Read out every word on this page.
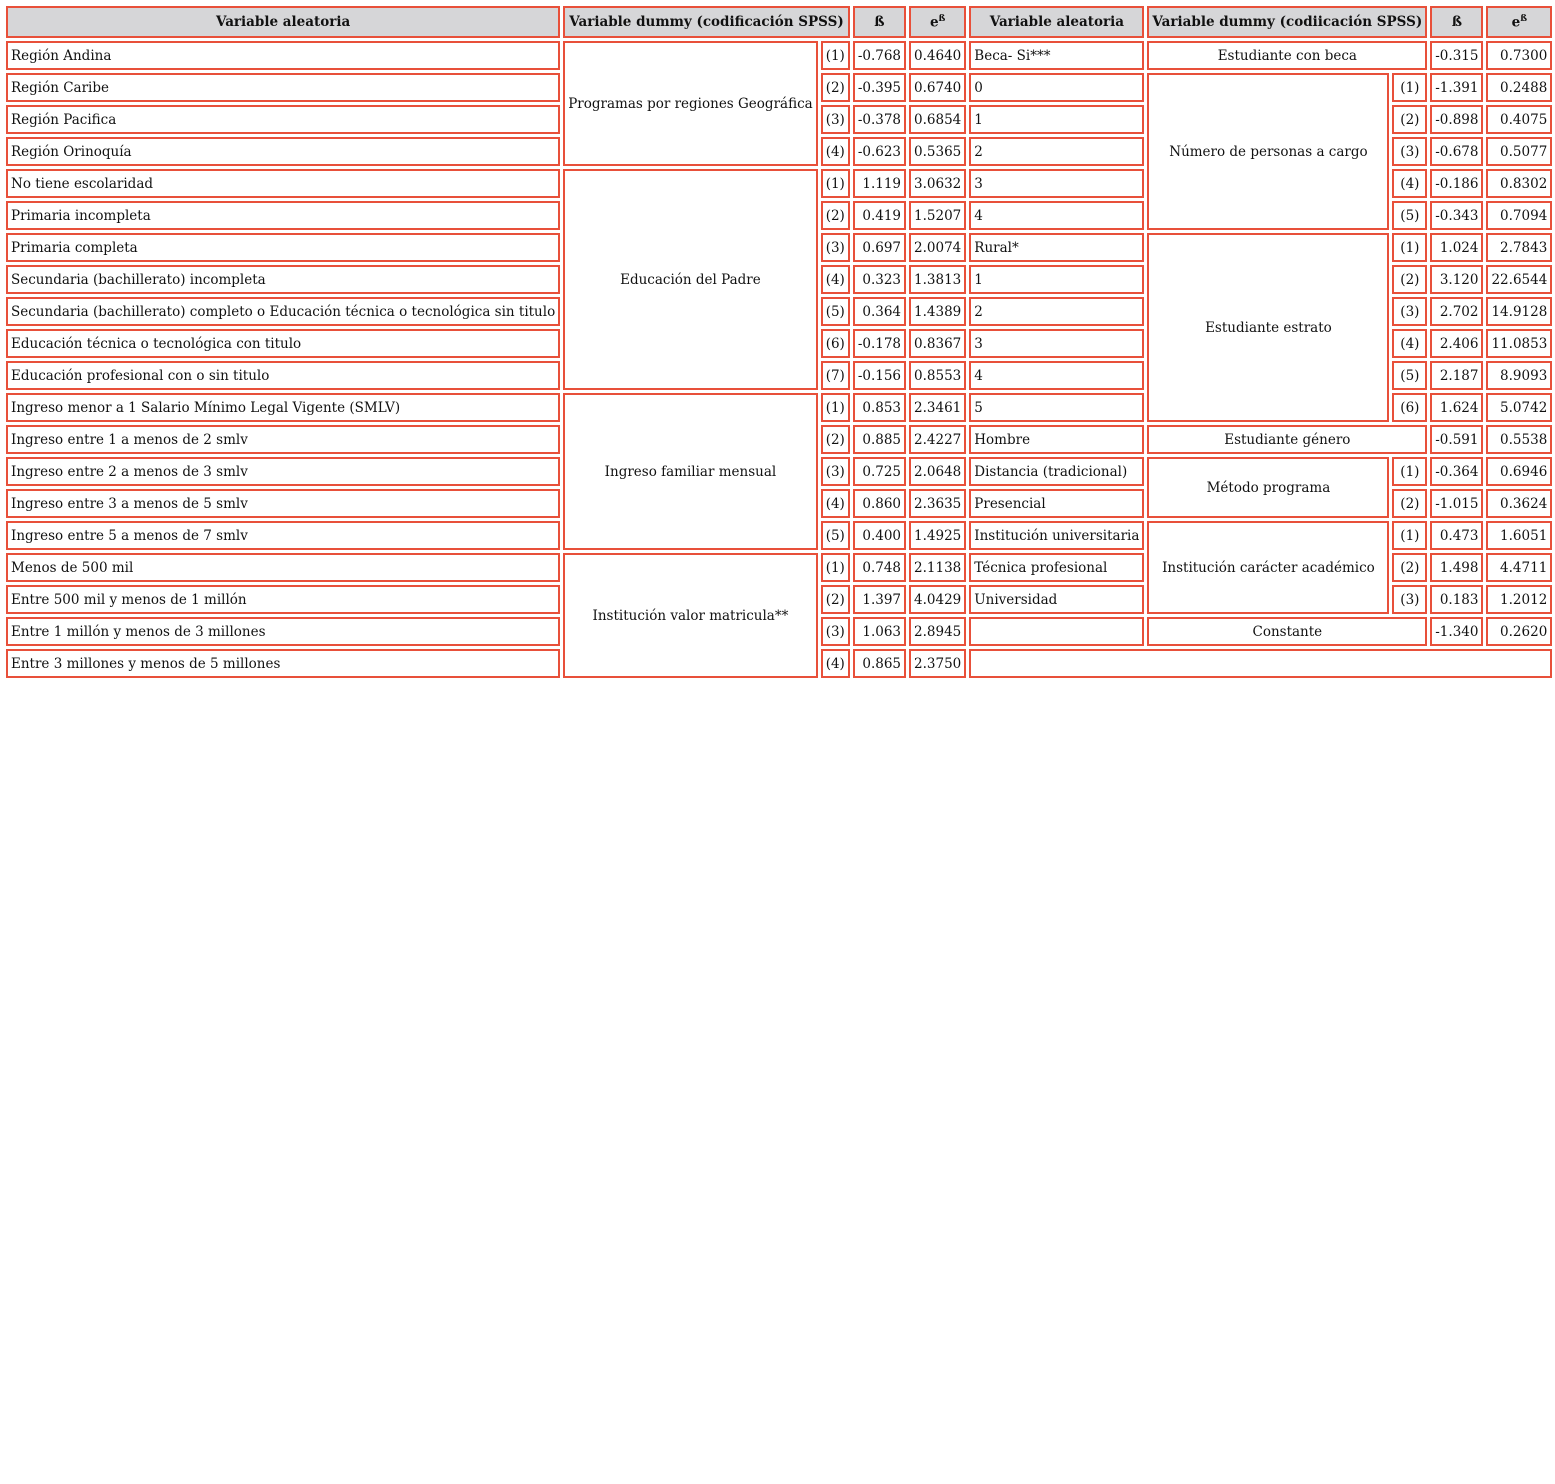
Variable aleatoria	Variable dummy (codificación SPSS)		ß	$e^ß$	Variable aleatoria	Variable dummy (codiicación SPSS)		ß	$e^ß$
Región Andina	Programas por regiones Geográfica	(1)	-0.768	0.4640	Beca- Si***	Estudiante con beca		-0.315	0.7300
Región Caribe		(2)	-0.395	0.6740	0	Número de personas a cargo	(1)	-1.391	0.2488
Región Pacifica		(3)	-0.378	0.6854	1		(2)	-0.898	0.4075
Región Orinoquía		(4)	-0.623	0.5365	2		(3)	-0.678	0.5077
No tiene escolaridad	Educación del Padre	(1)	1.119	3.0632	3		(4)	-0.186	0.8302
Primaria incompleta		(2)	0.419	1.5207	4		(5)	-0.343	0.7094
Primaria completa		(3)	0.697	2.0074	Rural*	Estudiante estrato	(1)	1.024	2.7843
Secundaria (bachillerato) incompleta		(4)	0.323	1.3813	1		(2)	3.120	22.6544
Secundaria (bachillerato) completo o Educación técnica o tecnológica sin titulo		(5)	0.364	1.4389	2		(3)	2.702	14.9128
Educación técnica o tecnológica con titulo		(6)	-0.178	0.8367	3		(4)	2.406	11.0853
Educación profesional con o sin titulo		(7)	-0.156	0.8553	4		(5)	2.187	8.9093
Ingreso menor a 1 Salario Mínimo Legal Vigente (SMLV)	Ingreso familiar mensual	(1)	0.853	2.3461	5		(6)	1.624	5.0742
Ingreso entre 1 a menos de 2 smlv		(2)	0.885	2.4227	Hombre	Estudiante género		-0.591	0.5538
Ingreso entre 2 a menos de 3 smlv		(3)	0.725	2.0648	Distancia (tradicional)	Método programa	(1)	-0.364	0.6946
Ingreso entre 3 a menos de 5 smlv		(4)	0.860	2.3635	Presencial		(2)	-1.015	0.3624
Ingreso entre 5 a menos de 7 smlv		(5)	0.400	1.4925	Institución universitaria	Institución carácter académico	(1)	0.473	1.6051
Menos de 500 mil	Institución valor matricula**	(1)	0.748	2.1138	Técnica profesional		(2)	1.498	4.4711
Entre 500 mil y menos de 1 millón		(2)	1.397	4.0429	Universidad		(3)	0.183	1.2012
Entre 1 millón y menos de 3 millones		(3)	1.063	2.8945		Constante		-1.340	0.2620
Entre 3 millones y menos de 5 millones		(4)	0.865	2.3750					
